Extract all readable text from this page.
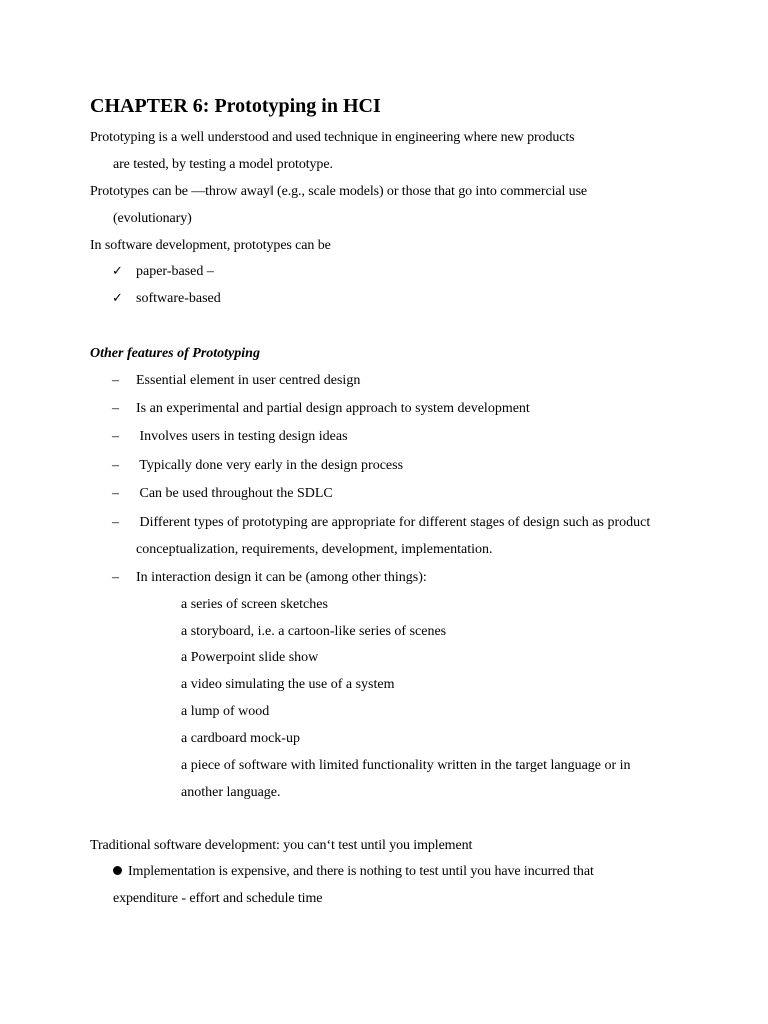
CHAPTER 6: Prototyping in HCI
Prototyping is a well understood and used technique in engineering where new products
are tested, by testing a model prototype.
Prototypes can be —throw away‖ (e.g., scale models) or those that go into commercial use
(evolutionary)
In software development, prototypes can be
✓ paper-based –
✓ software-based
Other features of Prototyping
– Essential element in user centred design
– Is an experimental and partial design approach to system development
– Involves users in testing design ideas
– Typically done very early in the design process
– Can be used throughout the SDLC
– Different types of prototyping are appropriate for different stages of design such as product
conceptualization, requirements, development, implementation.
– In interaction design it can be (among other things):
a series of screen sketches
a storyboard, i.e. a cartoon-like series of scenes
a Powerpoint slide show
a video simulating the use of a system
a lump of wood
a cardboard mock-up
a piece of software with limited functionality written in the target language or in
another language.
Traditional software development: you can‘t test until you implement
Implementation is expensive, and there is nothing to test until you have incurred that
expenditure - effort and schedule time
